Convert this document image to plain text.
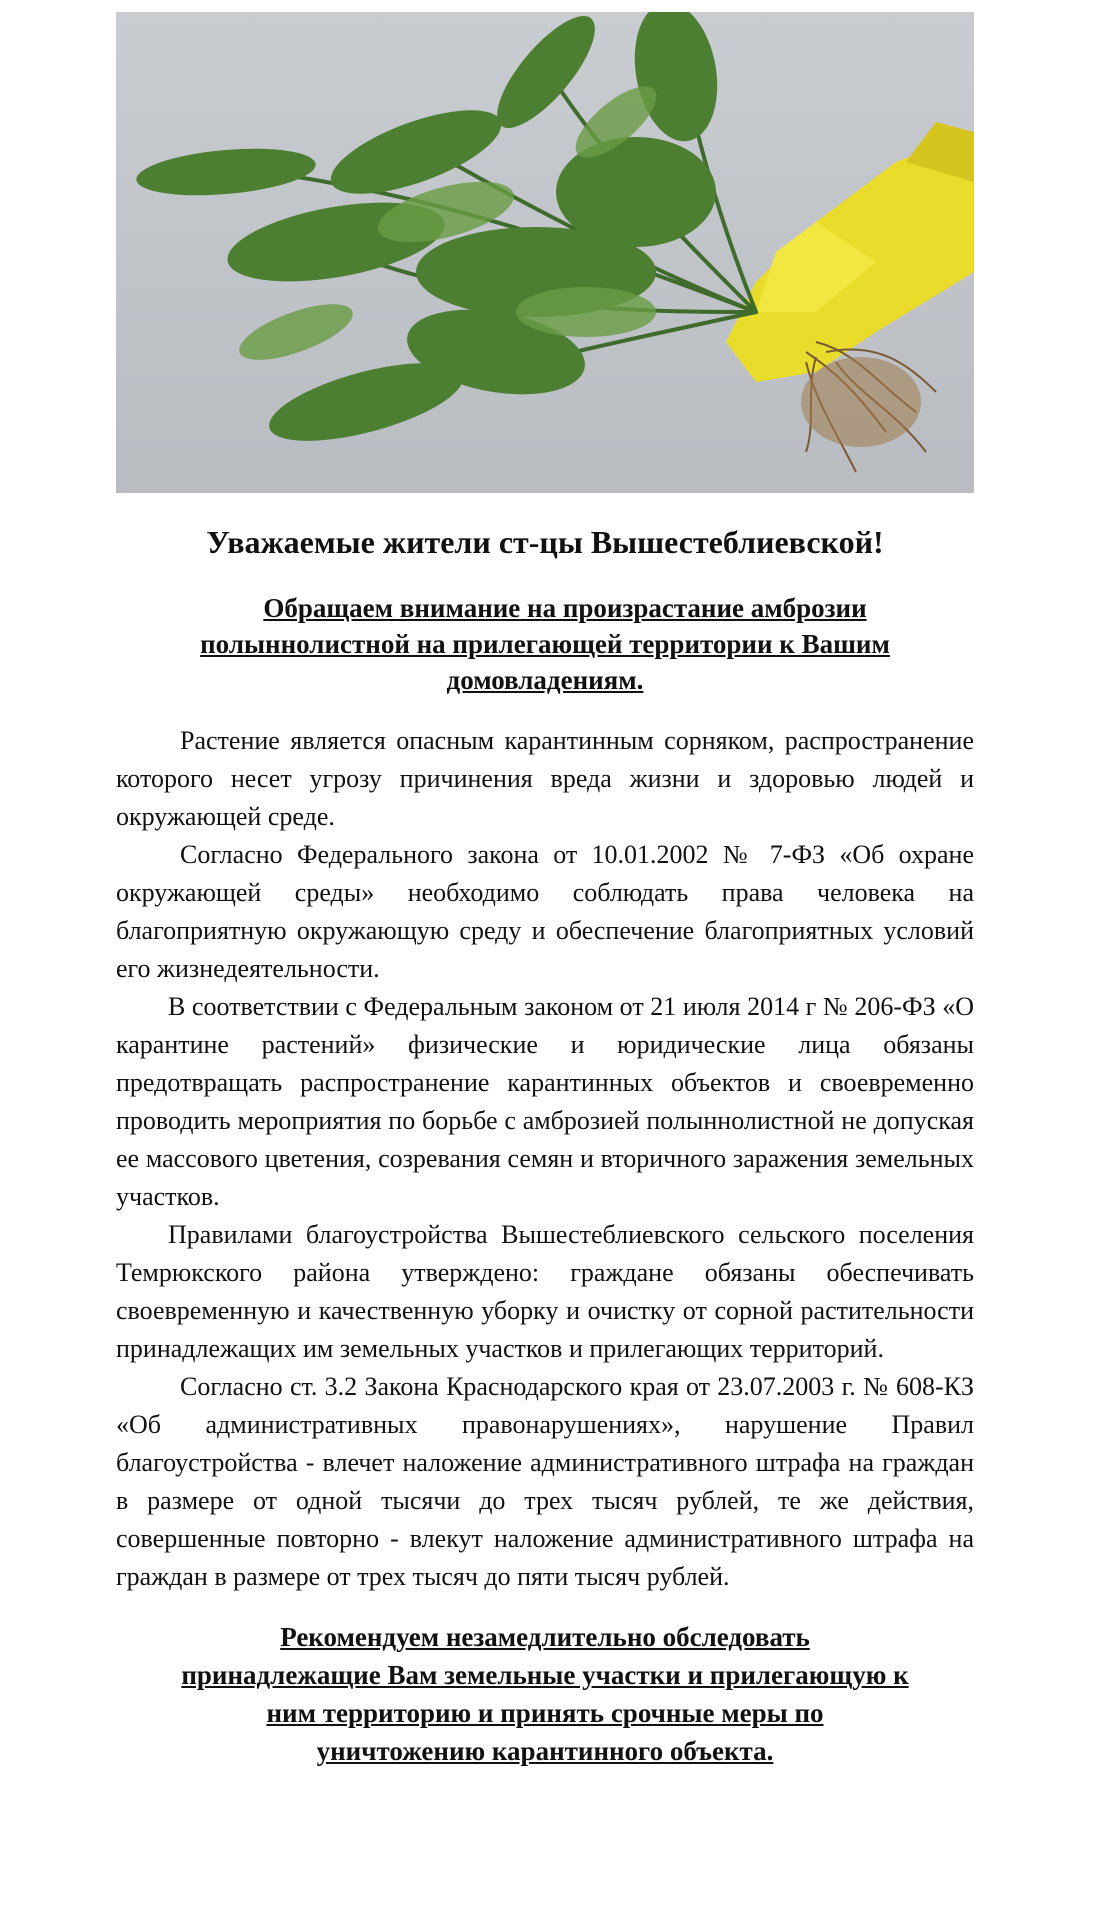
Уважаемые жители ст-цы Вышестеблиевской!
Обращаем внимание на произрастание амброзии
полыннолистной на прилегающей территории к Вашим
домовладениям.

Растение является опасным карантинным сорняком, распространение которого несет угрозу причинения вреда жизни и здоровью людей и окружающей среде.

Согласно Федерального закона от 10.01.2002 № 7-ФЗ «Об охране окружающей среды» необходимо соблюдать права человека на благоприятную окружающую среду и обеспечение благоприятных условий его жизнедеятельности.

В соответствии с Федеральным законом от 21 июля 2014 г № 206-ФЗ «О карантине растений» физические и юридические лица обязаны предотвращать распространение карантинных объектов и своевременно проводить мероприятия по борьбе с амброзией полыннолистной не допуская ее массового цветения, созревания семян и вторичного заражения земельных участков.

Правилами благоустройства Вышестеблиевского сельского поселения Темрюкского района утверждено: граждане обязаны обеспечивать своевременную и качественную уборку и очистку от сорной растительности принадлежащих им земельных участков и прилегающих территорий.

Согласно ст. 3.2 Закона Краснодарского края от 23.07.2003 г. № 608-КЗ «Об административных правонарушениях», нарушение Правил благоустройства - влечет наложение административного штрафа на граждан в размере от одной тысячи до трех тысяч рублей, те же действия, совершенные повторно - влекут наложение административного штрафа на граждан в размере от трех тысяч до пяти тысяч рублей.

Рекомендуем незамедлительно обследовать
принадлежащие Вам земельные участки и прилегающую к
ним территорию и принять срочные меры по
уничтожению карантинного объекта.
